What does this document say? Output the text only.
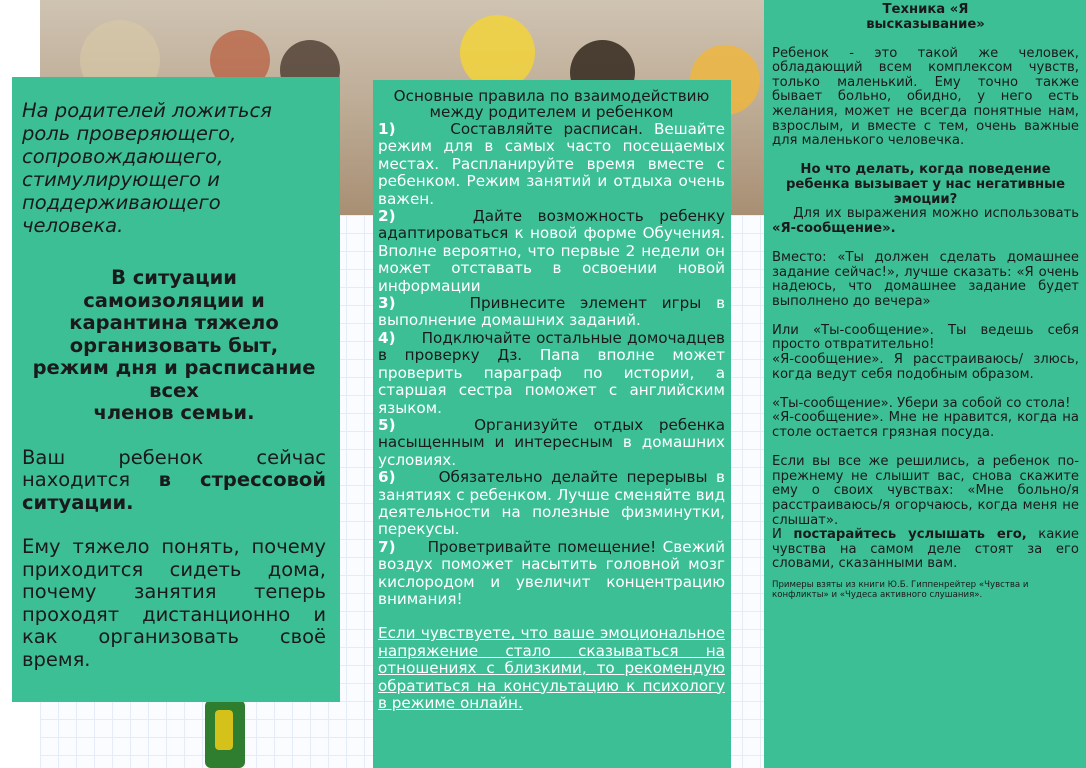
На родителей ложиться роль проверяющего, сопровождающего, стимулирующего и поддерживающего человека.

В ситуации
самоизоляции и
карантина тяжело
организовать быт,
режим дня и расписание
всех
членов семьи.

Ваш ребенок сейчас находится в стрессовой ситуации.

Ему тяжело понять, почему приходится сидеть дома, почему занятия теперь проходят дистанционно и как организовать своё время.

Основные правила по взаимодействию между родителем и ребенком

1)	Составляйте расписан. Вешайте режим для в самых часто посещаемых местах. Распланируйте время вместе с ребенком. Режим занятий и отдыха очень важен.

2)	Дайте возможность ребенку адаптироваться к новой форме Обучения. Вполне вероятно, что первые 2 недели он может отставать в освоении новой информации

3)	Привнесите элемент игры в выполнение домашних заданий.

4) Подключайте остальные домочадцев в проверку Дз. Папа вполне может проверить параграф по истории, а старшая сестра поможет с английским языком.

5)	Организуйте отдых ребенка насыщенным и интересным в домашних условиях.

6)	Обязательно делайте перерывы в занятиях с ребенком. Лучше сменяйте вид деятельности на полезные физминутки, перекусы.

7) Проветривайте помещение! Свежий воздух поможет насытить головной мозг кислородом и увеличит концентрацию внимания!

Если чувствуете, что ваше эмоциональное напряжение стало сказываться на отношениях с близкими, то рекомендую обратиться на консультацию к психологу в режиме онлайн.

Техника «Я
высказывание»

Ребенок - это такой же человек, обладающий всем комплексом чувств, только маленький. Ему точно также бывает больно, обидно, у него есть желания, может не всегда понятные нам, взрослым, и вместе с тем, очень важные для маленького человечка.

Но что делать, когда поведение ребенка вызывает у нас негативные эмоции?

Для их выражения можно использовать «Я-сообщение».

Вместо: «Ты должен сделать домашнее задание сейчас!», лучше сказать: «Я очень надеюсь, что домашнее задание будет выполнено до вечера»

Или «Ты-сообщение». Ты ведешь себя просто отвратительно!

«Я-сообщение». Я расстраиваюсь/ злюсь, когда ведут себя подобным образом.

«Ты-сообщение». Убери за собой со стола!

«Я-сообщение». Мне не нравится, когда на столе остается грязная посуда.

Если вы все же решились, а ребенок по-прежнему не слышит вас, снова скажите ему о своих чувствах: «Мне больно/я расстраиваюсь/я огорчаюсь, когда меня не слышат».

И постарайтесь услышать его, какие чувства на самом деле стоят за его словами, сказанными вам.

Примеры взяты из книги Ю.Б. Гиппенрейтер «Чувства и конфликты» и «Чудеса активного слушания».
